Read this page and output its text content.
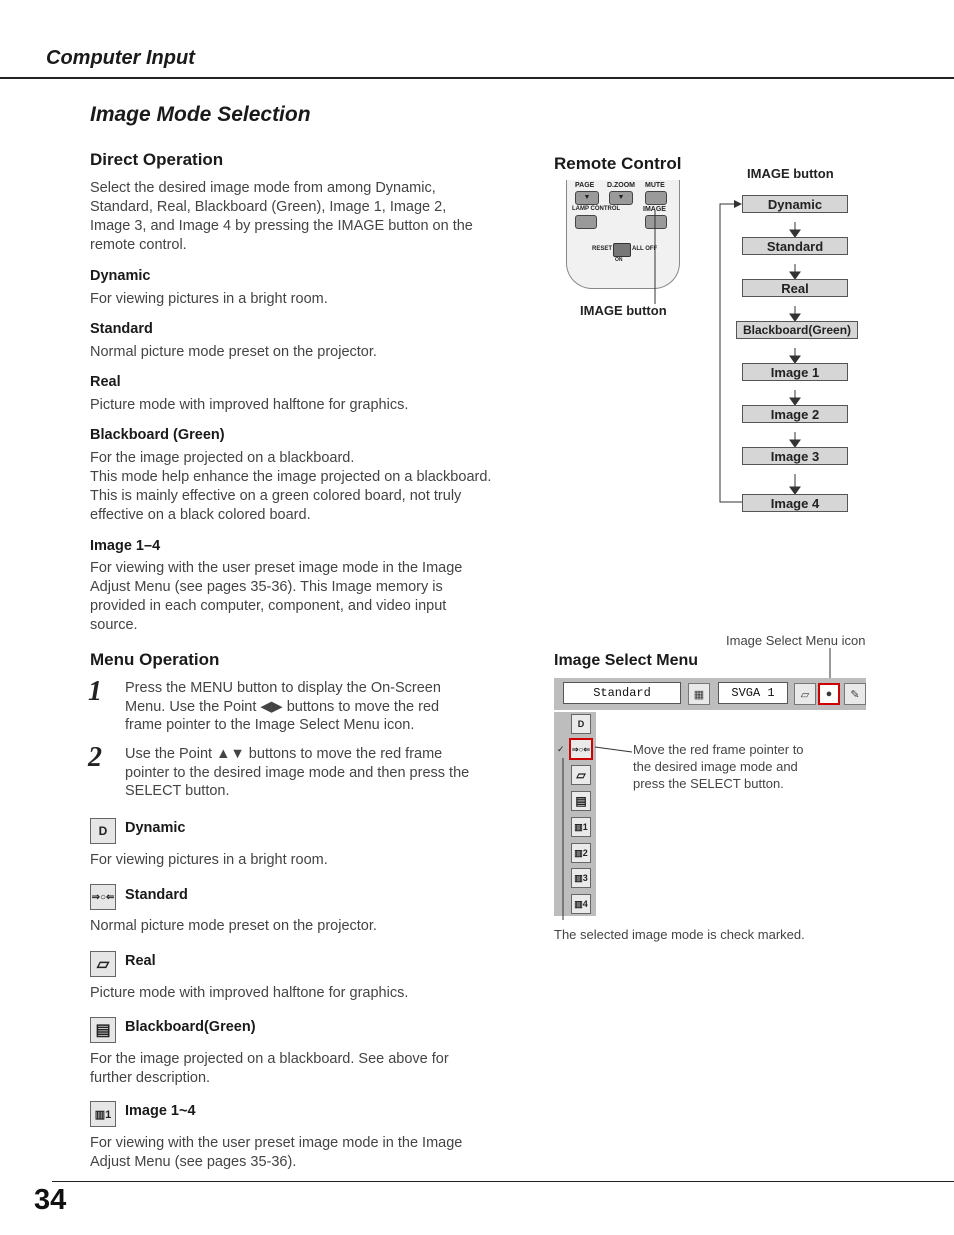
Computer Input
Image Mode Selection
Direct Operation
Select the desired image mode from among Dynamic,
Standard, Real, Blackboard (Green), Image 1, Image 2,
Image 3, and Image 4 by pressing the IMAGE button on the
remote control.
Dynamic
For viewing pictures in a bright room.
Standard
Normal picture mode preset on the projector.
Real
Picture mode with improved halftone for graphics.
Blackboard (Green)
For the image projected on a blackboard.
This mode help enhance the image projected on a blackboard.
This is mainly effective on a green colored board, not truly
effective on a black colored board.
Image 1–4
For viewing with the user preset image mode in the Image
Adjust Menu (see pages 35-36). This Image memory is
provided in each computer, component, and video input
source.
Menu Operation
1 Press the MENU button to display the On-Screen
Menu. Use the Point ◀▶ buttons to move the red
frame pointer to the Image Select Menu icon.
2 Use the Point ▲▼ buttons to move the red frame
pointer to the desired image mode and then press the
SELECT button.
D	Dynamic
For viewing pictures in a bright room.
⇒○⇐ Standard
Normal picture mode preset on the projector.
▱	Real
Picture mode with improved halftone for graphics.
▤ Blackboard(Green)
For the image projected on a blackboard. See above for
further description.
▥1 Image 1~4
For viewing with the user preset image mode in the Image
Adjust Menu (see pages 35-36).
Remote Control
IMAGE button
PAGE D.ZOOM MUTE
▼	▼
LAMP CONTROL	IMAGE
RESET	ALL OFF
ON
IMAGE button
Dynamic
Standard
Real
Blackboard(Green)
Image 1
Image 2
Image 3
Image 4
Image Select Menu icon
Image Select Menu
Standard	▦	SVGA 1	▱	●	✎
D
⇒○⇐
✓
▱
▤
▥1
▥2
▥3
▥4
Move the red frame pointer to
the desired image mode and
press the SELECT button.
The selected image mode is check marked.
34
